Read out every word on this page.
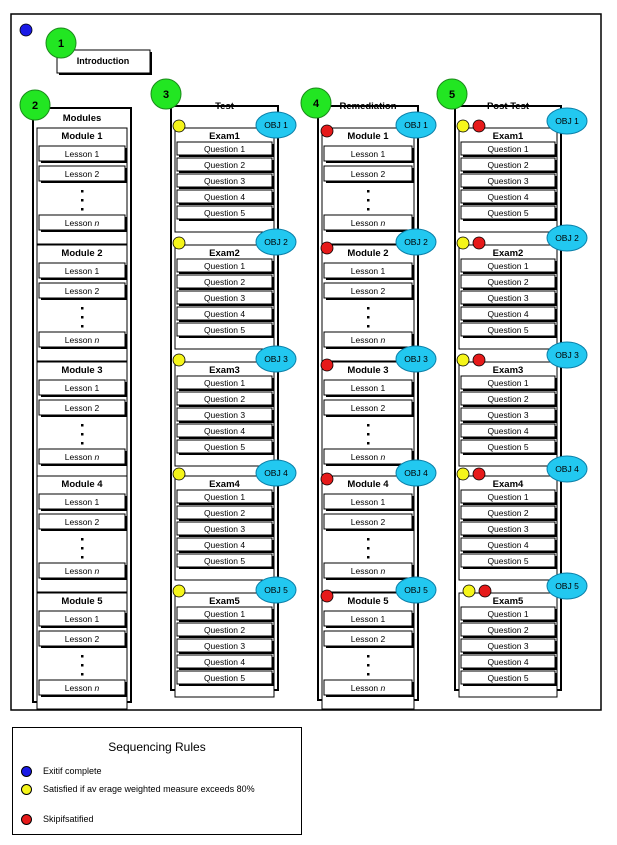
Introduction
1
Modules
2
Module 1
Lesson 1
Lesson 2
Lesson n
Module 2
Lesson 1
Lesson 2
Lesson n
Module 3
Lesson 1
Lesson 2
Lesson n
Module 4
Lesson 1
Lesson 2
Lesson n
Module 5
Lesson 1
Lesson 2
Lesson n
Test
3
Exam1
Question 1
Question 2
Question 3
Question 4
Question 5
OBJ 1
Exam2
Question 1
Question 2
Question 3
Question 4
Question 5
OBJ 2
Exam3
Question 1
Question 2
Question 3
Question 4
Question 5
OBJ 3
Exam4
Question 1
Question 2
Question 3
Question 4
Question 5
OBJ 4
Exam5
Question 1
Question 2
Question 3
Question 4
Question 5
OBJ 5
Remediation
4
Module 1
Lesson 1
Lesson 2
Lesson n
OBJ 1
Module 2
Lesson 1
Lesson 2
Lesson n
OBJ 2
Module 3
Lesson 1
Lesson 2
Lesson n
OBJ 3
Module 4
Lesson 1
Lesson 2
Lesson n
OBJ 4
Module 5
Lesson 1
Lesson 2
Lesson n
OBJ 5
Post Test
5
Exam1
Question 1
Question 2
Question 3
Question 4
Question 5
OBJ 1
Exam2
Question 1
Question 2
Question 3
Question 4
Question 5
OBJ 2
Exam3
Question 1
Question 2
Question 3
Question 4
Question 5
OBJ 3
Exam4
Question 1
Question 2
Question 3
Question 4
Question 5
OBJ 4
Exam5
Question 1
Question 2
Question 3
Question 4
Question 5
OBJ 5
Sequencing Rules
Exitif complete
Satisfied if av erage weighted measure exceeds 80%
Skipifsatified
